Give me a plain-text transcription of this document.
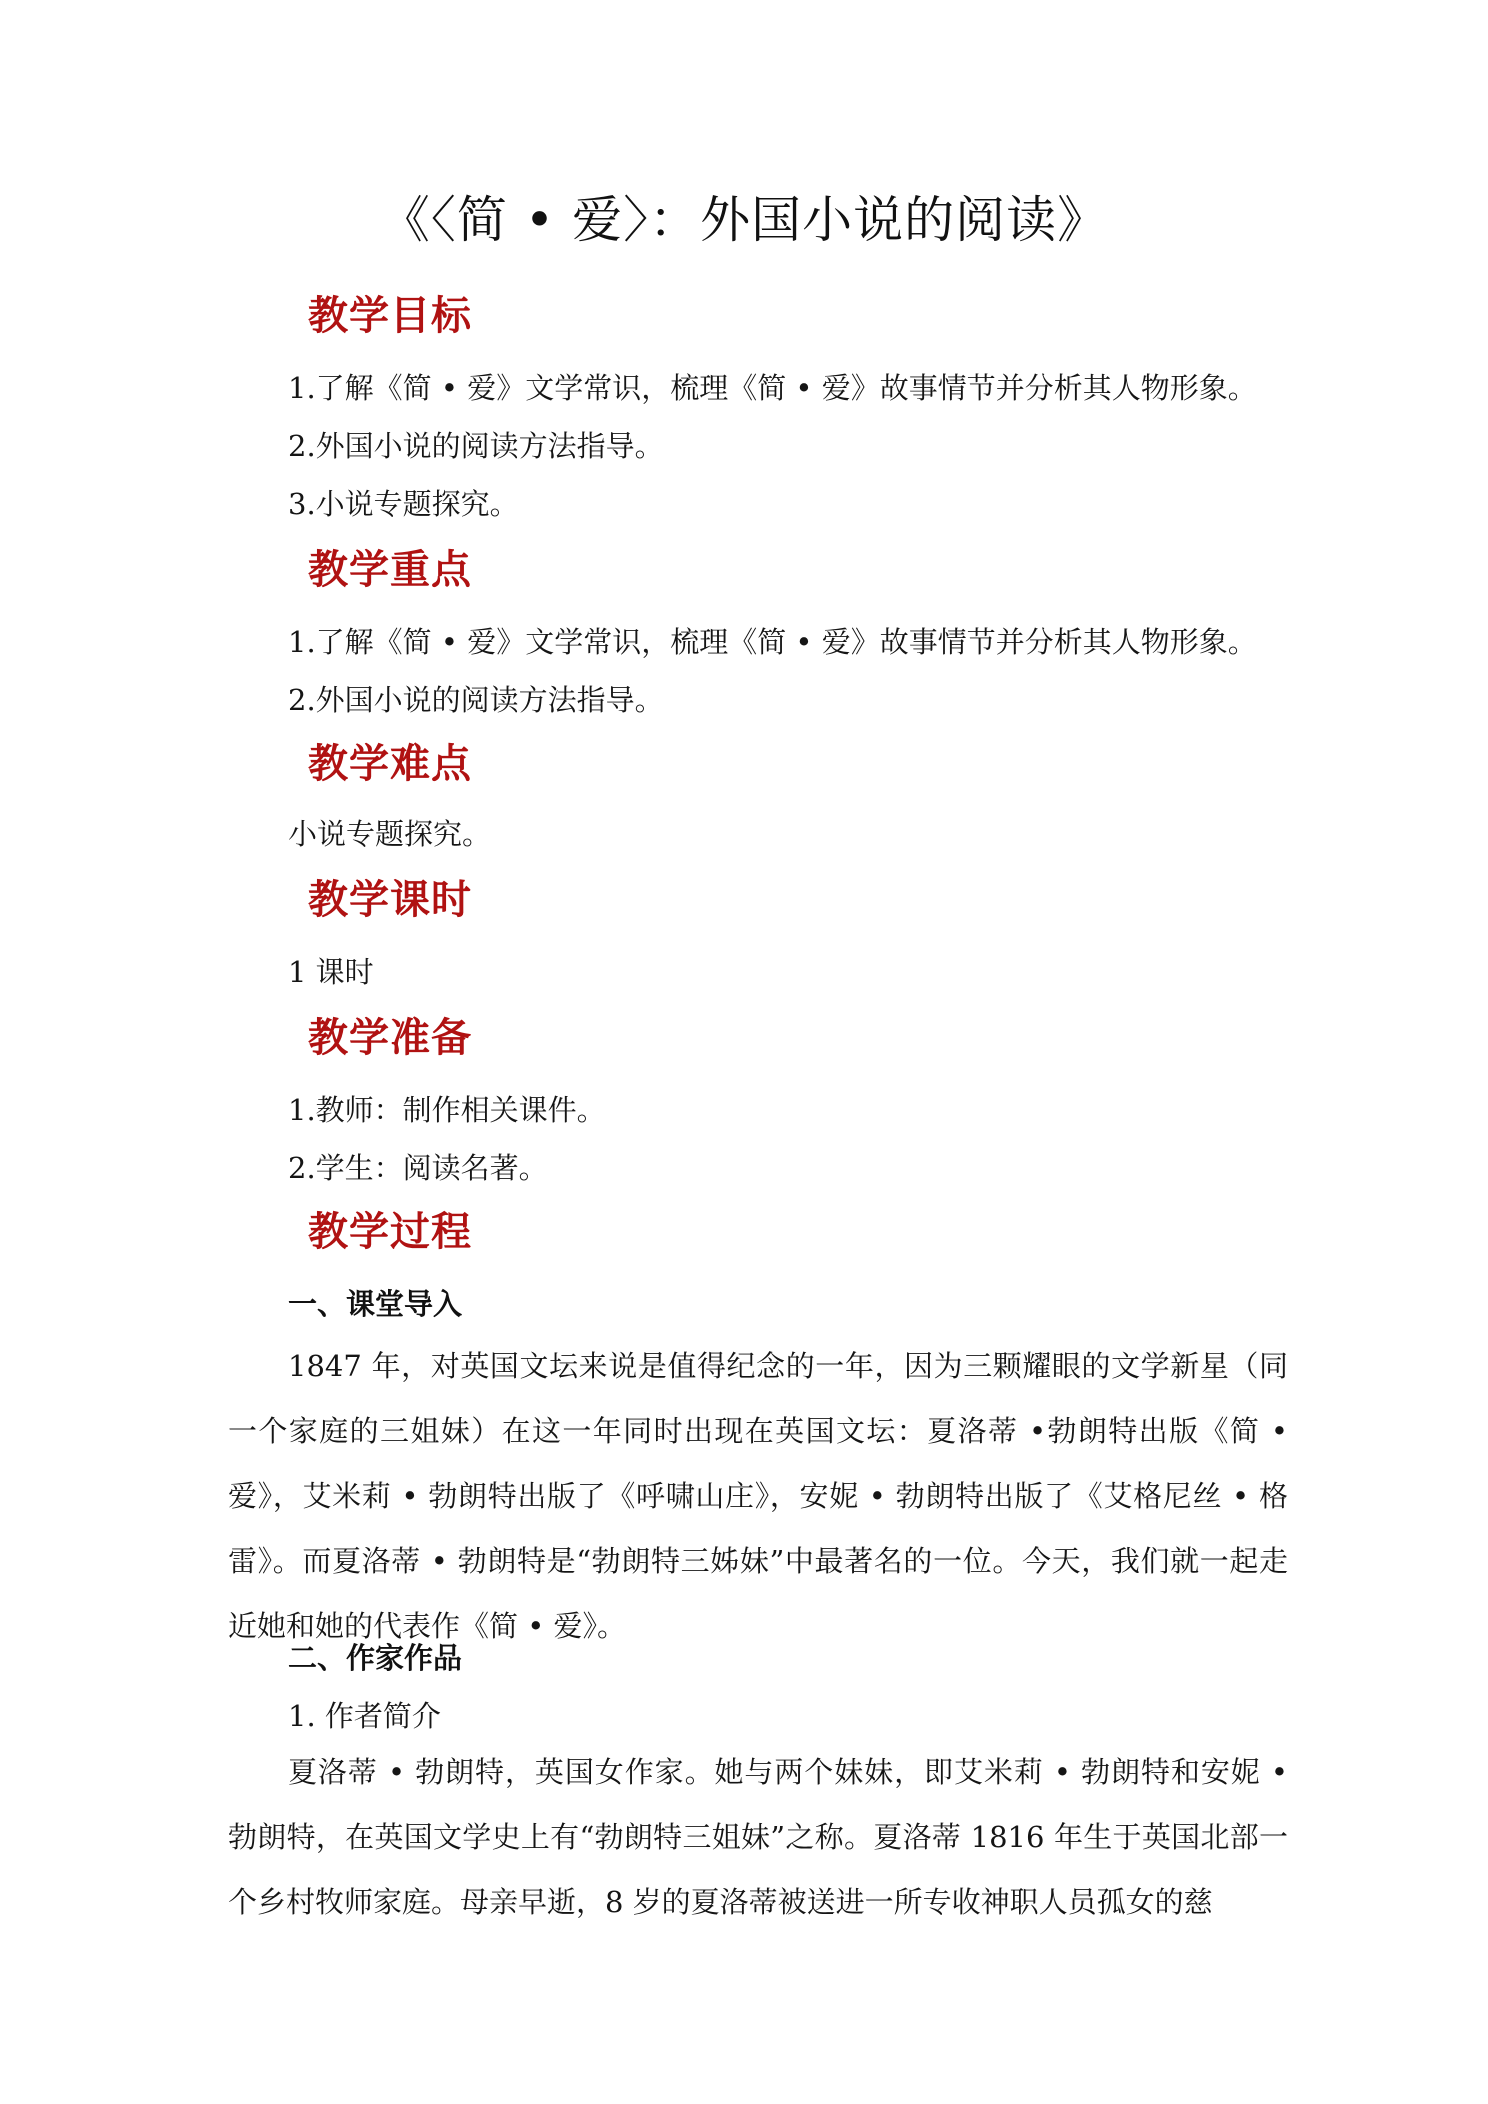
《〈简 • 爱〉：外国小说的阅读》
教学目标
1.了解《简 • 爱》文学常识，梳理《简 • 爱》故事情节并分析其人物形象。
2.外国小说的阅读方法指导。
3.小说专题探究。
教学重点
1.了解《简 • 爱》文学常识，梳理《简 • 爱》故事情节并分析其人物形象。
2.外国小说的阅读方法指导。
教学难点
小说专题探究。
教学课时
1 课时
教学准备
1.教师：制作相关课件。
2.学生：阅读名著。
教学过程
一、课堂导入
1847 年，对英国文坛来说是值得纪念的一年，因为三颗耀眼的文学新星（同一个家庭的三姐妹）在这一年同时出现在英国文坛：夏洛蒂 •勃朗特出版《简 •爱》，艾米莉 • 勃朗特出版了《呼啸山庄》，安妮 • 勃朗特出版了《艾格尼丝 • 格雷》。而夏洛蒂 • 勃朗特是“勃朗特三姊妹”中最著名的一位。今天，我们就一起走近她和她的代表作《简 • 爱》。
二、作家作品
1. 作者简介
夏洛蒂 • 勃朗特，英国女作家。她与两个妹妹，即艾米莉 • 勃朗特和安妮 • 勃朗特，在英国文学史上有“勃朗特三姐妹”之称。夏洛蒂 1816 年生于英国北部一个乡村牧师家庭。母亲早逝，8 岁的夏洛蒂被送进一所专收神职人员孤女的慈
